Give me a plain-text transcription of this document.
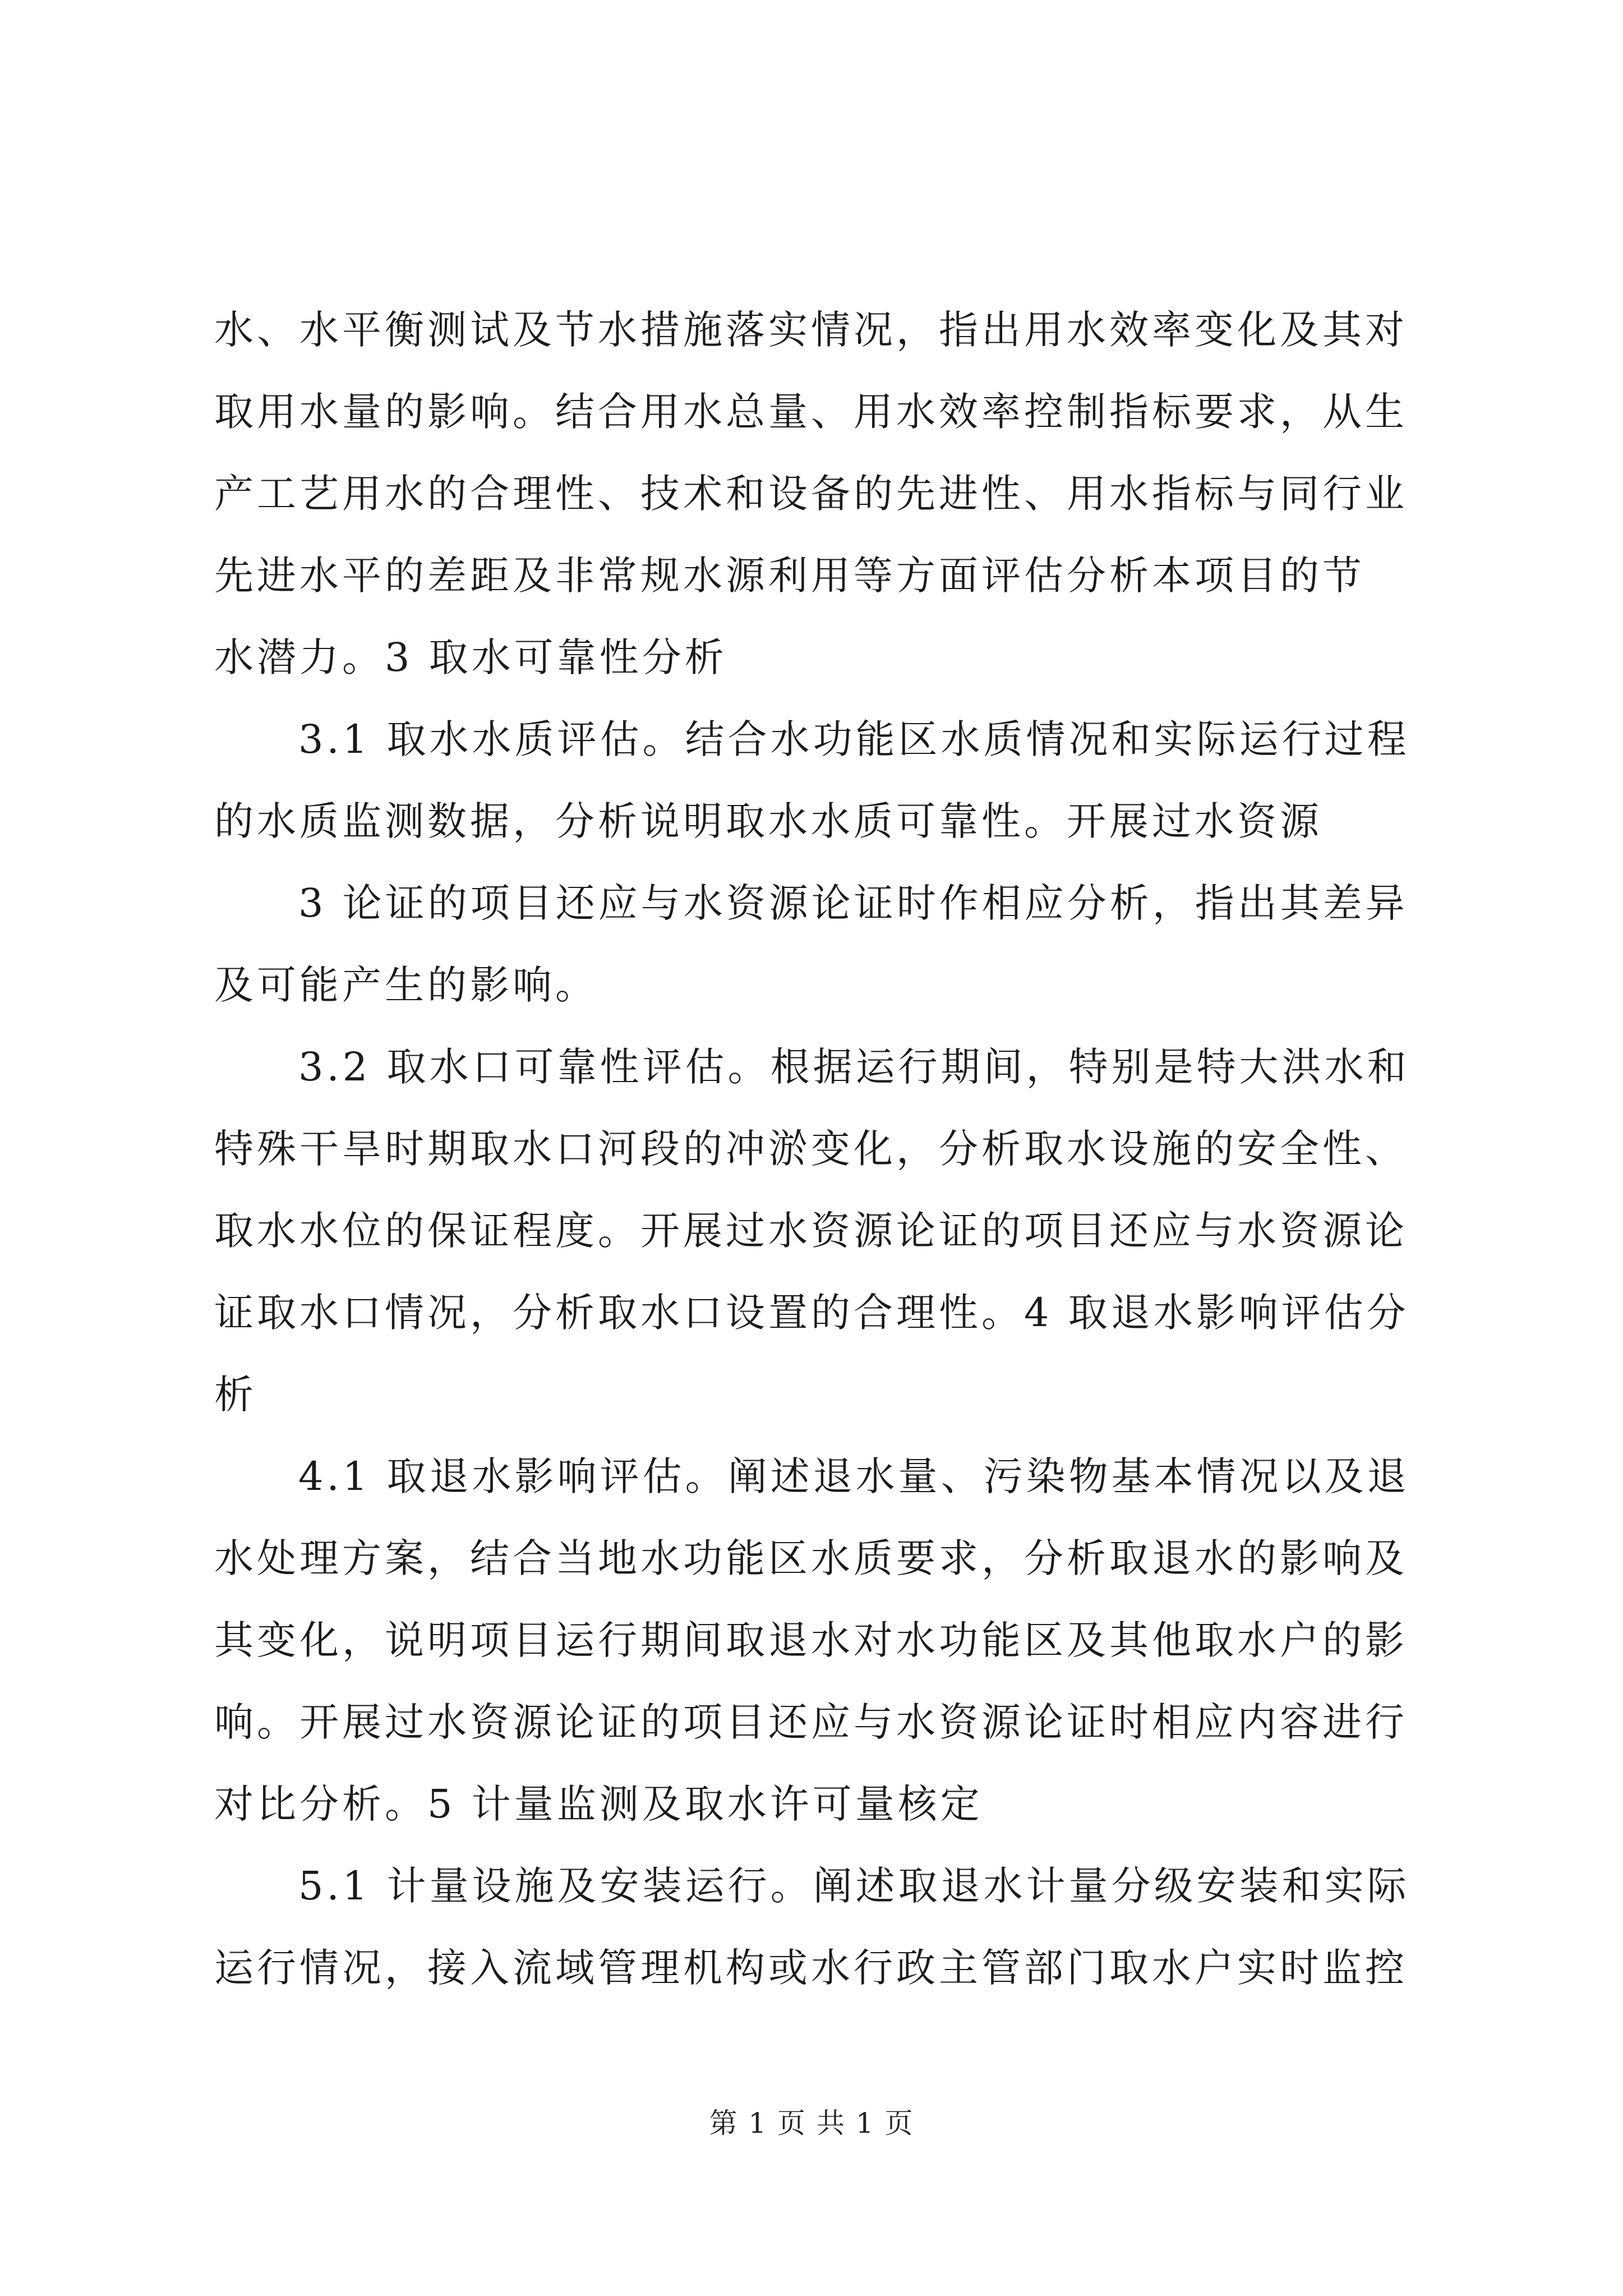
水、水平衡测试及节水措施落实情况，指出用水效率变化及其对
取用水量的影响。结合用水总量、用水效率控制指标要求，从生
产工艺用水的合理性、技术和设备的先进性、用水指标与同行业
先进水平的差距及非常规水源利用等方面评估分析本项目的节
水潜力。3 取水可靠性分析
3.1 取水水质评估。结合水功能区水质情况和实际运行过程
的水质监测数据，分析说明取水水质可靠性。开展过水资源
3 论证的项目还应与水资源论证时作相应分析，指出其差异
及可能产生的影响。
3.2 取水口可靠性评估。根据运行期间，特别是特大洪水和
特殊干旱时期取水口河段的冲淤变化，分析取水设施的安全性、
取水水位的保证程度。开展过水资源论证的项目还应与水资源论
证取水口情况，分析取水口设置的合理性。4 取退水影响评估分
析
4.1 取退水影响评估。阐述退水量、污染物基本情况以及退
水处理方案，结合当地水功能区水质要求，分析取退水的影响及
其变化，说明项目运行期间取退水对水功能区及其他取水户的影
响。开展过水资源论证的项目还应与水资源论证时相应内容进行
对比分析。5 计量监测及取水许可量核定
5.1 计量设施及安装运行。阐述取退水计量分级安装和实际
运行情况，接入流域管理机构或水行政主管部门取水户实时监控
第 1 页 共 1 页
